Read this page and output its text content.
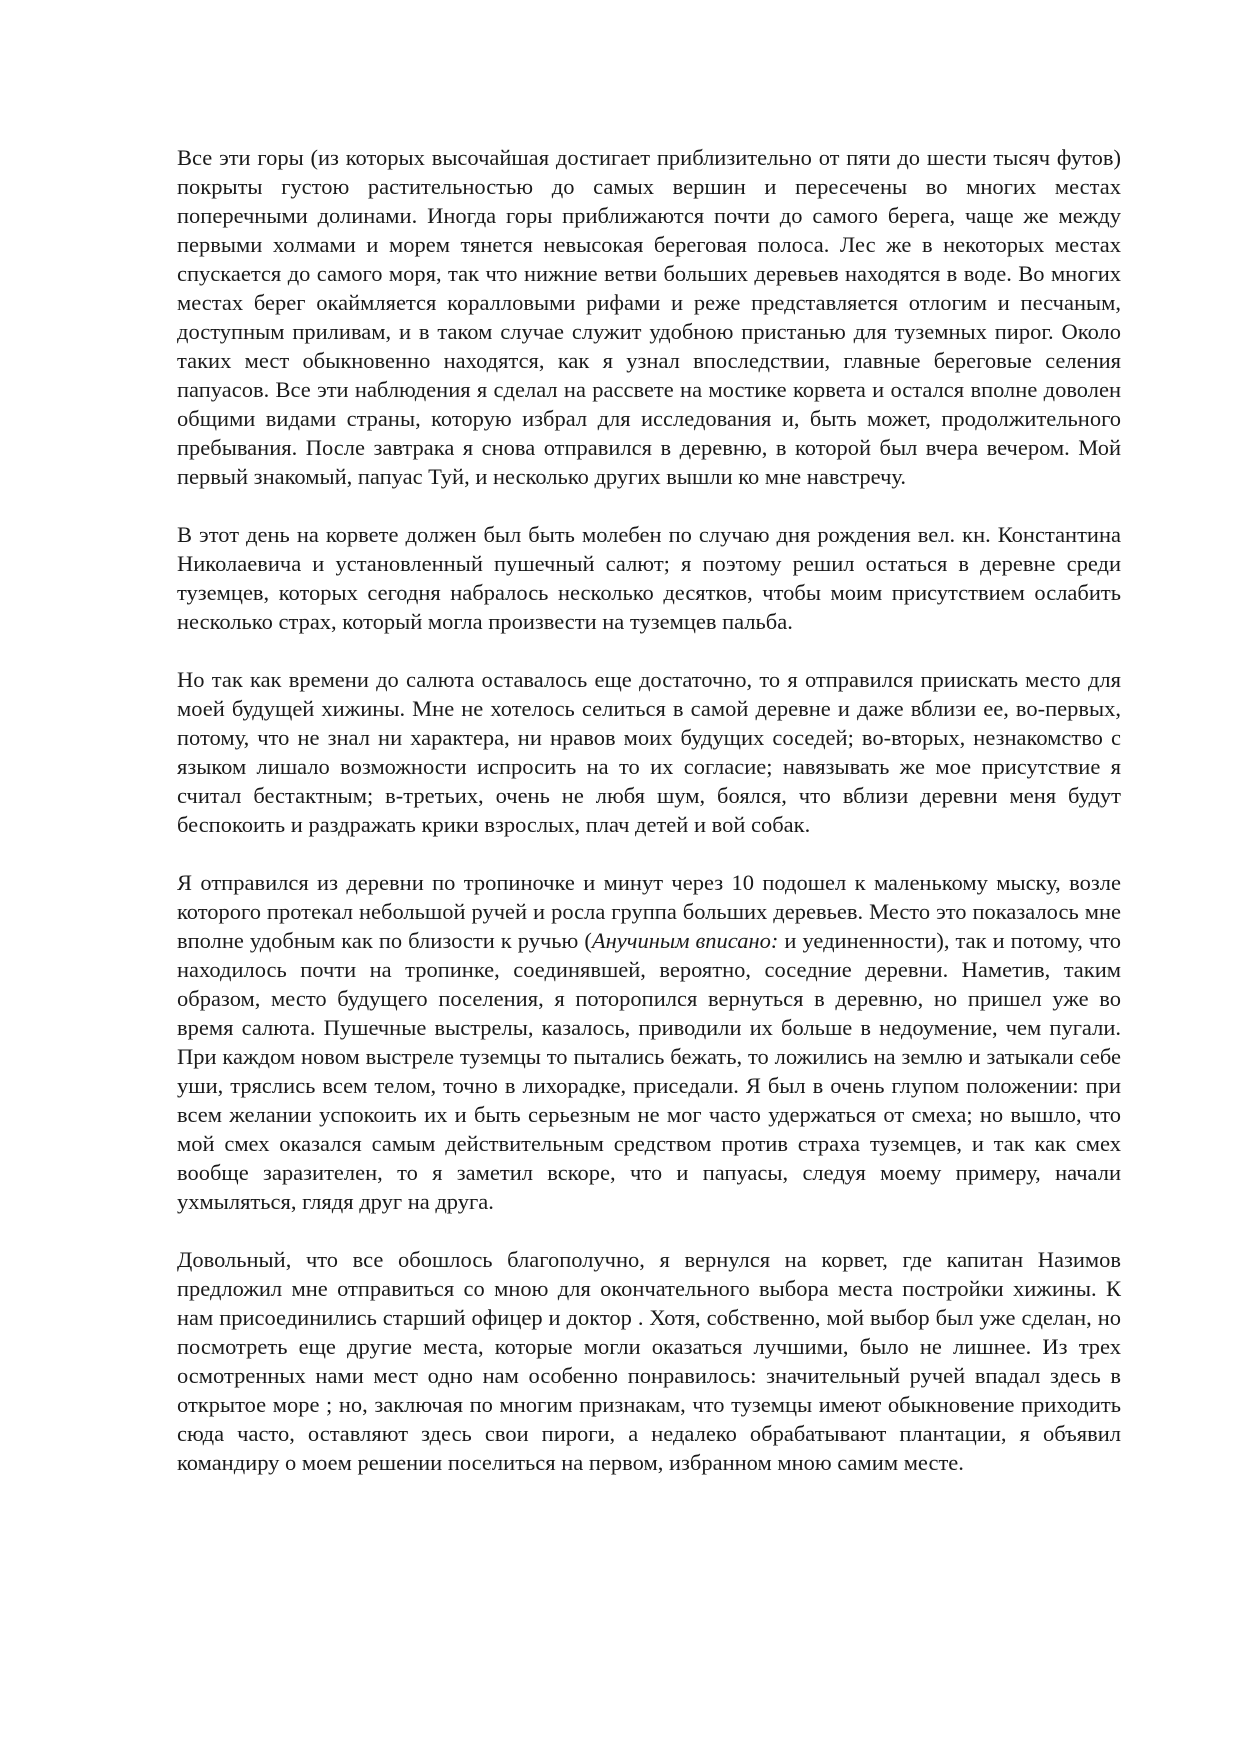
Все эти горы (из которых высочайшая достигает приблизительно от пяти до шести тысяч футов) покрыты густою растительностью до самых вершин и пересечены во многих местах поперечными долинами. Иногда горы приближаются почти до самого берега, чаще же между первыми холмами и морем тянется невысокая береговая полоса. Лес же в некоторых местах спускается до самого моря, так что нижние ветви больших деревьев находятся в воде. Во многих местах берег окаймляется коралловыми рифами и реже представляется отлогим и песчаным, доступным приливам, и в таком случае служит удобною пристанью для туземных пирог. Около таких мест обыкновенно находятся, как я узнал впоследствии, главные береговые селения папуасов. Все эти наблюдения я сделал на рассвете на мостике корвета и остался вполне доволен общими видами страны, которую избрал для исследования и, быть может, продолжительного пребывания. После завтрака я снова отправился в деревню, в которой был вчера вечером. Мой первый знакомый, папуас Туй, и несколько других вышли ко мне навстречу.

В этот день на корвете должен был быть молебен по случаю дня рождения вел. кн. Константина Николаевича и установленный пушечный салют; я поэтому решил остаться в деревне среди туземцев, которых сегодня набралось несколько десятков, чтобы моим присутствием ослабить несколько страх, который могла произвести на туземцев пальба.

Но так как времени до салюта оставалось еще достаточно, то я отправился приискать место для моей будущей хижины. Мне не хотелось селиться в самой деревне и даже вблизи ее, во-первых, потому, что не знал ни характера, ни нравов моих будущих соседей; во-вторых, незнакомство с языком лишало возможности испросить на то их согласие; навязывать же мое присутствие я считал бестактным; в-третьих, очень не любя шум, боялся, что вблизи деревни меня будут беспокоить и раздражать крики взрослых, плач детей и вой собак.

Я отправился из деревни по тропиночке и минут через 10 подошел к маленькому мыску, возле которого протекал небольшой ручей и росла группа больших деревьев. Место это показалось мне вполне удобным как по близости к ручью (Анучиным вписано: и уединенности), так и потому, что находилось почти на тропинке, соединявшей, вероятно, соседние деревни. Наметив, таким образом, место будущего поселения, я поторопился вернуться в деревню, но пришел уже во время салюта. Пушечные выстрелы, казалось, приводили их больше в недоумение, чем пугали. При каждом новом выстреле туземцы то пытались бежать, то ложились на землю и затыкали себе уши, тряслись всем телом, точно в лихорадке, приседали. Я был в очень глупом положении: при всем желании успокоить их и быть серьезным не мог часто удержаться от смеха; но вышло, что мой смех оказался самым действительным средством против страха туземцев, и так как смех вообще заразителен, то я заметил вскоре, что и папуасы, следуя моему примеру, начали ухмыляться, глядя друг на друга.

Довольный, что все обошлось благополучно, я вернулся на корвет, где капитан Назимов предложил мне отправиться со мною для окончательного выбора места постройки хижины. К нам присоединились старший офицер и доктор . Хотя, собственно, мой выбор был уже сделан, но посмотреть еще другие места, которые могли оказаться лучшими, было не лишнее. Из трех осмотренных нами мест одно нам особенно понравилось: значительный ручей впадал здесь в открытое море ; но, заключая по многим признакам, что туземцы имеют обыкновение приходить сюда часто, оставляют здесь свои пироги, а недалеко обрабатывают плантации, я объявил командиру о моем решении поселиться на первом, избранном мною самим месте.
